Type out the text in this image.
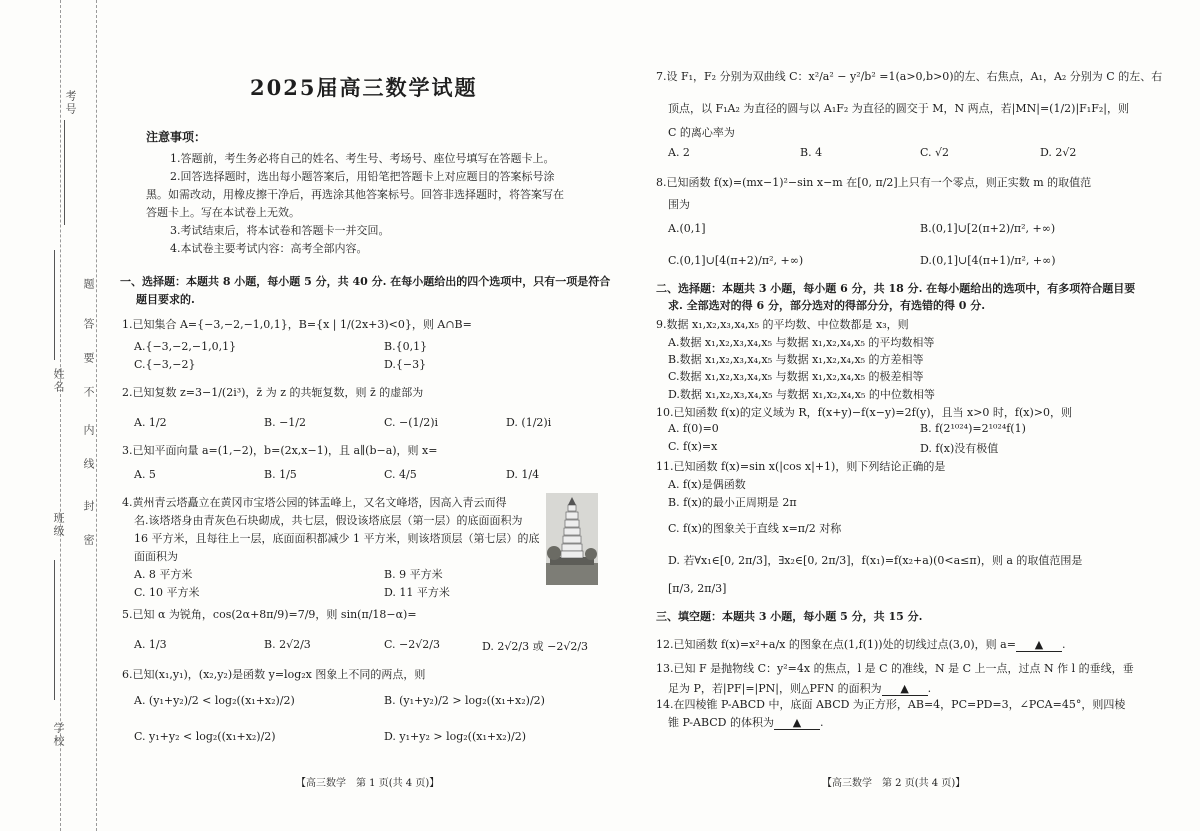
考号
姓名
班级
学校
题
答
要
不
内
线
封
密
2025届高三数学试题
注意事项：
1.答题前，考生务必将自己的姓名、考生号、考场号、座位号填写在答题卡上。
2.回答选择题时，选出每小题答案后，用铅笔把答题卡上对应题目的答案标号涂
黑。如需改动，用橡皮擦干净后，再选涂其他答案标号。回答非选择题时，将答案写在
答题卡上。写在本试卷上无效。
3.考试结束后，将本试卷和答题卡一并交回。
4.本试卷主要考试内容：高考全部内容。
一、选择题：本题共 8 小题，每小题 5 分，共 40 分. 在每小题给出的四个选项中，只有一项是符合
题目要求的.
1.已知集合 A={−3,−2,−1,0,1}，B={x | 1/(2x+3)<0}，则 A∩B=
A.{−3,−2,−1,0,1}	B.{0,1}
C.{−3,−2}	D.{−3}
2.已知复数 z=3−1/(2i³)，z̄ 为 z 的共轭复数，则 z̄ 的虚部为
A. 1/2	B. −1/2	C. −(1/2)i	D. (1/2)i
3.已知平面向量 a=(1,−2)，b=(2x,x−1)，且 a∥(b−a)，则 x=
A. 5	B. 1/5	C. 4/5	D. 1/4
4.黄州青云塔矗立在黄冈市宝塔公园的钵盂峰上，又名文峰塔，因高入青云而得
名.该塔塔身由青灰色石块砌成，共七层，假设该塔底层（第一层）的底面面积为
16 平方米，且每往上一层，底面面积都减少 1 平方米，则该塔顶层（第七层）的底
面面积为
A. 8 平方米	B. 9 平方米
C. 10 平方米	D. 11 平方米
5.已知 α 为锐角，cos(2α+8π/9)=7/9，则 sin(π/18−α)=
A. 1/3	B. 2√2/3	C. −2√2/3	D. 2√2/3 或 −2√2/3
6.已知(x₁,y₁)，(x₂,y₂)是函数 y=log₂x 图象上不同的两点，则
A. (y₁+y₂)/2 < log₂((x₁+x₂)/2)	B. (y₁+y₂)/2 > log₂((x₁+x₂)/2)
C. y₁+y₂ < log₂((x₁+x₂)/2)	D. y₁+y₂ > log₂((x₁+x₂)/2)
【高三数学　第 1 页(共 4 页)】
7.设 F₁，F₂ 分别为双曲线 C：x²/a² − y²/b² =1(a>0,b>0)的左、右焦点，A₁，A₂ 分别为 C 的左、右
顶点，以 F₁A₂ 为直径的圆与以 A₁F₂ 为直径的圆交于 M，N 两点，若|MN|=(1/2)|F₁F₂|，则
C 的离心率为
A. 2	B. 4	C. √2	D. 2√2
8.已知函数 f(x)=(mx−1)²−sin x−m 在[0, π/2]上只有一个零点，则正实数 m 的取值范
围为
A.(0,1]	B.(0,1]∪[2(π+2)/π², +∞)
C.(0,1]∪[4(π+2)/π², +∞)	D.(0,1]∪[4(π+1)/π², +∞)
二、选择题：本题共 3 小题，每小题 6 分，共 18 分. 在每小题给出的选项中，有多项符合题目要
求. 全部选对的得 6 分，部分选对的得部分分，有选错的得 0 分.
9.数据 x₁,x₂,x₃,x₄,x₅ 的平均数、中位数都是 x₃，则
A.数据 x₁,x₂,x₃,x₄,x₅ 与数据 x₁,x₂,x₄,x₅ 的平均数相等
B.数据 x₁,x₂,x₃,x₄,x₅ 与数据 x₁,x₂,x₄,x₅ 的方差相等
C.数据 x₁,x₂,x₃,x₄,x₅ 与数据 x₁,x₂,x₄,x₅ 的极差相等
D.数据 x₁,x₂,x₃,x₄,x₅ 与数据 x₁,x₂,x₄,x₅ 的中位数相等
10.已知函数 f(x)的定义域为 R，f(x+y)−f(x−y)=2f(y)，且当 x>0 时，f(x)>0，则
A. f(0)=0	B. f(2¹⁰²⁴)=2¹⁰²⁴f(1)
C. f(x)=x	D. f(x)没有极值
11.已知函数 f(x)=sin x(|cos x|+1)，则下列结论正确的是
A. f(x)是偶函数
B. f(x)的最小正周期是 2π
C. f(x)的图象关于直线 x=π/2 对称
D. 若∀x₁∈[0, 2π/3]，∃x₂∈[0, 2π/3]，f(x₁)=f(x₂+a)(0<a≤π)，则 a 的取值范围是
[π/3, 2π/3]
三、填空题：本题共 3 小题，每小题 5 分，共 15 分.
12.已知函数 f(x)=x²+a/x 的图象在点(1,f(1))处的切线过点(3,0)，则 a= ▲ .
13.已知 F 是抛物线 C：y²=4x 的焦点，l 是 C 的准线，N 是 C 上一点，过点 N 作 l 的垂线，垂
足为 P，若|PF|=|PN|，则△PFN 的面积为 ▲ .
14.在四棱锥 P-ABCD 中，底面 ABCD 为正方形，AB=4，PC=PD=3，∠PCA=45°，则四棱
锥 P-ABCD 的体积为 ▲ .
【高三数学　第 2 页(共 4 页)】
